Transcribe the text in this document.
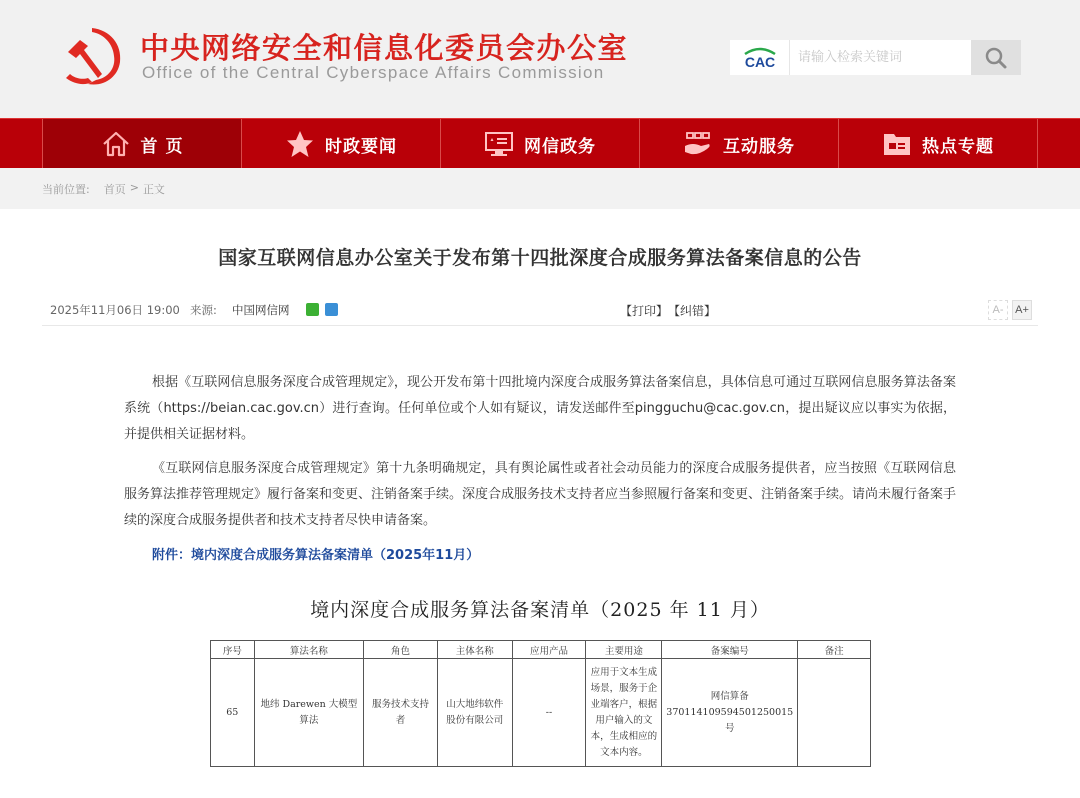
中央网络安全和信息化委员会办公室
Office of the Central Cyberspace Affairs Commission
CAC
请输入检索关键词
首 页	时政要闻	网信政务	互动服务	热点专题
当前位置: 首页 > 正文
国家互联网信息办公室关于发布第十四批深度合成服务算法备案信息的公告
2025年11月06日 19:00 来源: 中国网信网	【打印】 【纠错】	A-	A+

根据《互联网信息服务深度合成管理规定》，现公开发布第十四批境内深度合成服务算法备案信息，具体信息可通过互联网信息服务算法备案系统（https://beian.cac.gov.cn）进行查询。任何单位或个人如有疑议，请发送邮件至pingguchu@cac.gov.cn，提出疑议应以事实为依据，并提供相关证据材料。

《互联网信息服务深度合成管理规定》第十九条明确规定，具有舆论属性或者社会动员能力的深度合成服务提供者，应当按照《互联网信息服务算法推荐管理规定》履行备案和变更、注销备案手续。深度合成服务技术支持者应当参照履行备案和变更、注销备案手续。请尚未履行备案手续的深度合成服务提供者和技术支持者尽快申请备案。

附件：境内深度合成服务算法备案清单（2025年11月）
境内深度合成服务算法备案清单（2025 年 11 月）
序号	算法名称	角色	主体名称	应用产品	主要用途	备案编号	备注
65	地纬 Darewen 大模型算法	服务技术支持者	山大地纬软件股份有限公司	--	应用于文本生成场景，服务于企业端客户，根据用户输入的文本，生成相应的文本内容。	网信算备370114109594501250015号	
